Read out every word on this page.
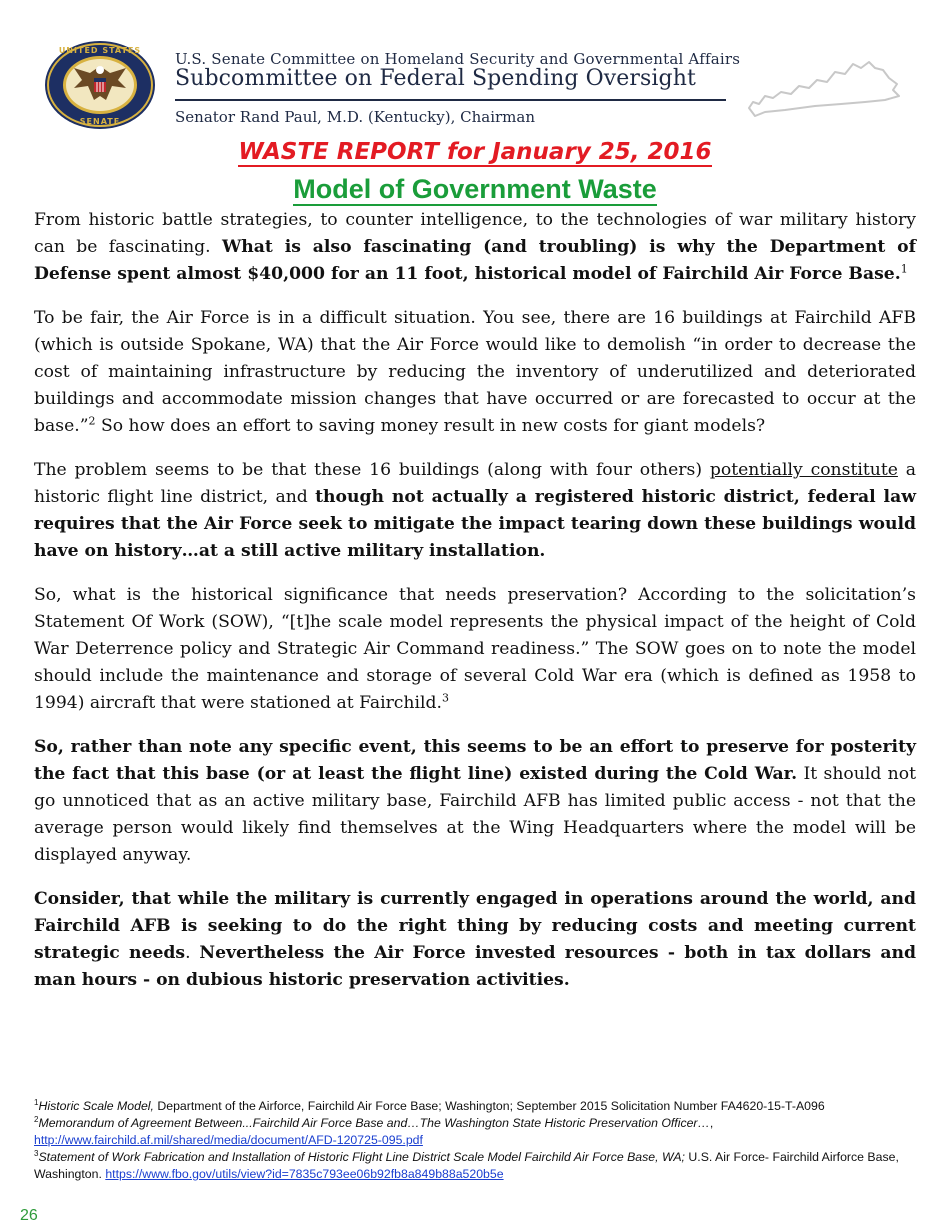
UNITED STATES
SENATE
U.S. Senate Committee on Homeland Security and Governmental Affairs
Subcommittee on Federal Spending Oversight
Senator Rand Paul, M.D. (Kentucky), Chairman
WASTE REPORT for January 25, 2016
Model of Government Waste

From historic battle strategies, to counter intelligence, to the technologies of war military history can be fascinating. What is also fascinating (and troubling) is why the Department of Defense spent almost $40,000 for an 11 foot, historical model of Fairchild Air Force Base.$^1$

To be fair, the Air Force is in a difficult situation. You see, there are 16 buildings at Fairchild AFB (which is outside Spokane, WA) that the Air Force would like to demolish “in order to decrease the cost of maintaining infrastructure by reducing the inventory of underutilized and deteriorated buildings and accommodate mission changes that have occurred or are forecasted to occur at the base.”$^2$ So how does an effort to saving money result in new costs for giant models?

The problem seems to be that these 16 buildings (along with four others) potentially constitute a historic flight line district, and though not actually a registered historic district, federal law requires that the Air Force seek to mitigate the impact tearing down these buildings would have on history…at a still active military installation.

So, what is the historical significance that needs preservation? According to the solicitation’s Statement Of Work (SOW), “[t]he scale model represents the physical impact of the height of Cold War Deterrence policy and Strategic Air Command readiness.” The SOW goes on to note the model should include the maintenance and storage of several Cold War era (which is defined as 1958 to 1994) aircraft that were stationed at Fairchild.$^3$

So, rather than note any specific event, this seems to be an effort to preserve for posterity the fact that this base (or at least the flight line) existed during the Cold War. It should not go unnoticed that as an active military base, Fairchild AFB has limited public access - not that the average person would likely find themselves at the Wing Headquarters where the model will be displayed anyway.

Consider, that while the military is currently engaged in operations around the world, and Fairchild AFB is seeking to do the right thing by reducing costs and meeting current strategic needs. Nevertheless the Air Force invested resources - both in tax dollars and man hours - on dubious historic preservation activities.

$^1$Historic Scale Model, Department of the Airforce, Fairchild Air Force Base; Washington; September 2015 Solicitation Number FA4620-15-T-A096
$^2$Memorandum of Agreement Between...Fairchild Air Force Base and…The Washington State Historic Preservation Officer…,
http://www.fairchild.af.mil/shared/media/document/AFD-120725-095.pdf
$^3$Statement of Work Fabrication and Installation of Historic Flight Line District Scale Model Fairchild Air Force Base, WA; U.S. Air Force- Fairchild Airforce Base, Washington. https://www.fbo.gov/utils/view?id=7835c793ee06b92fb8a849b88a520b5e
26
